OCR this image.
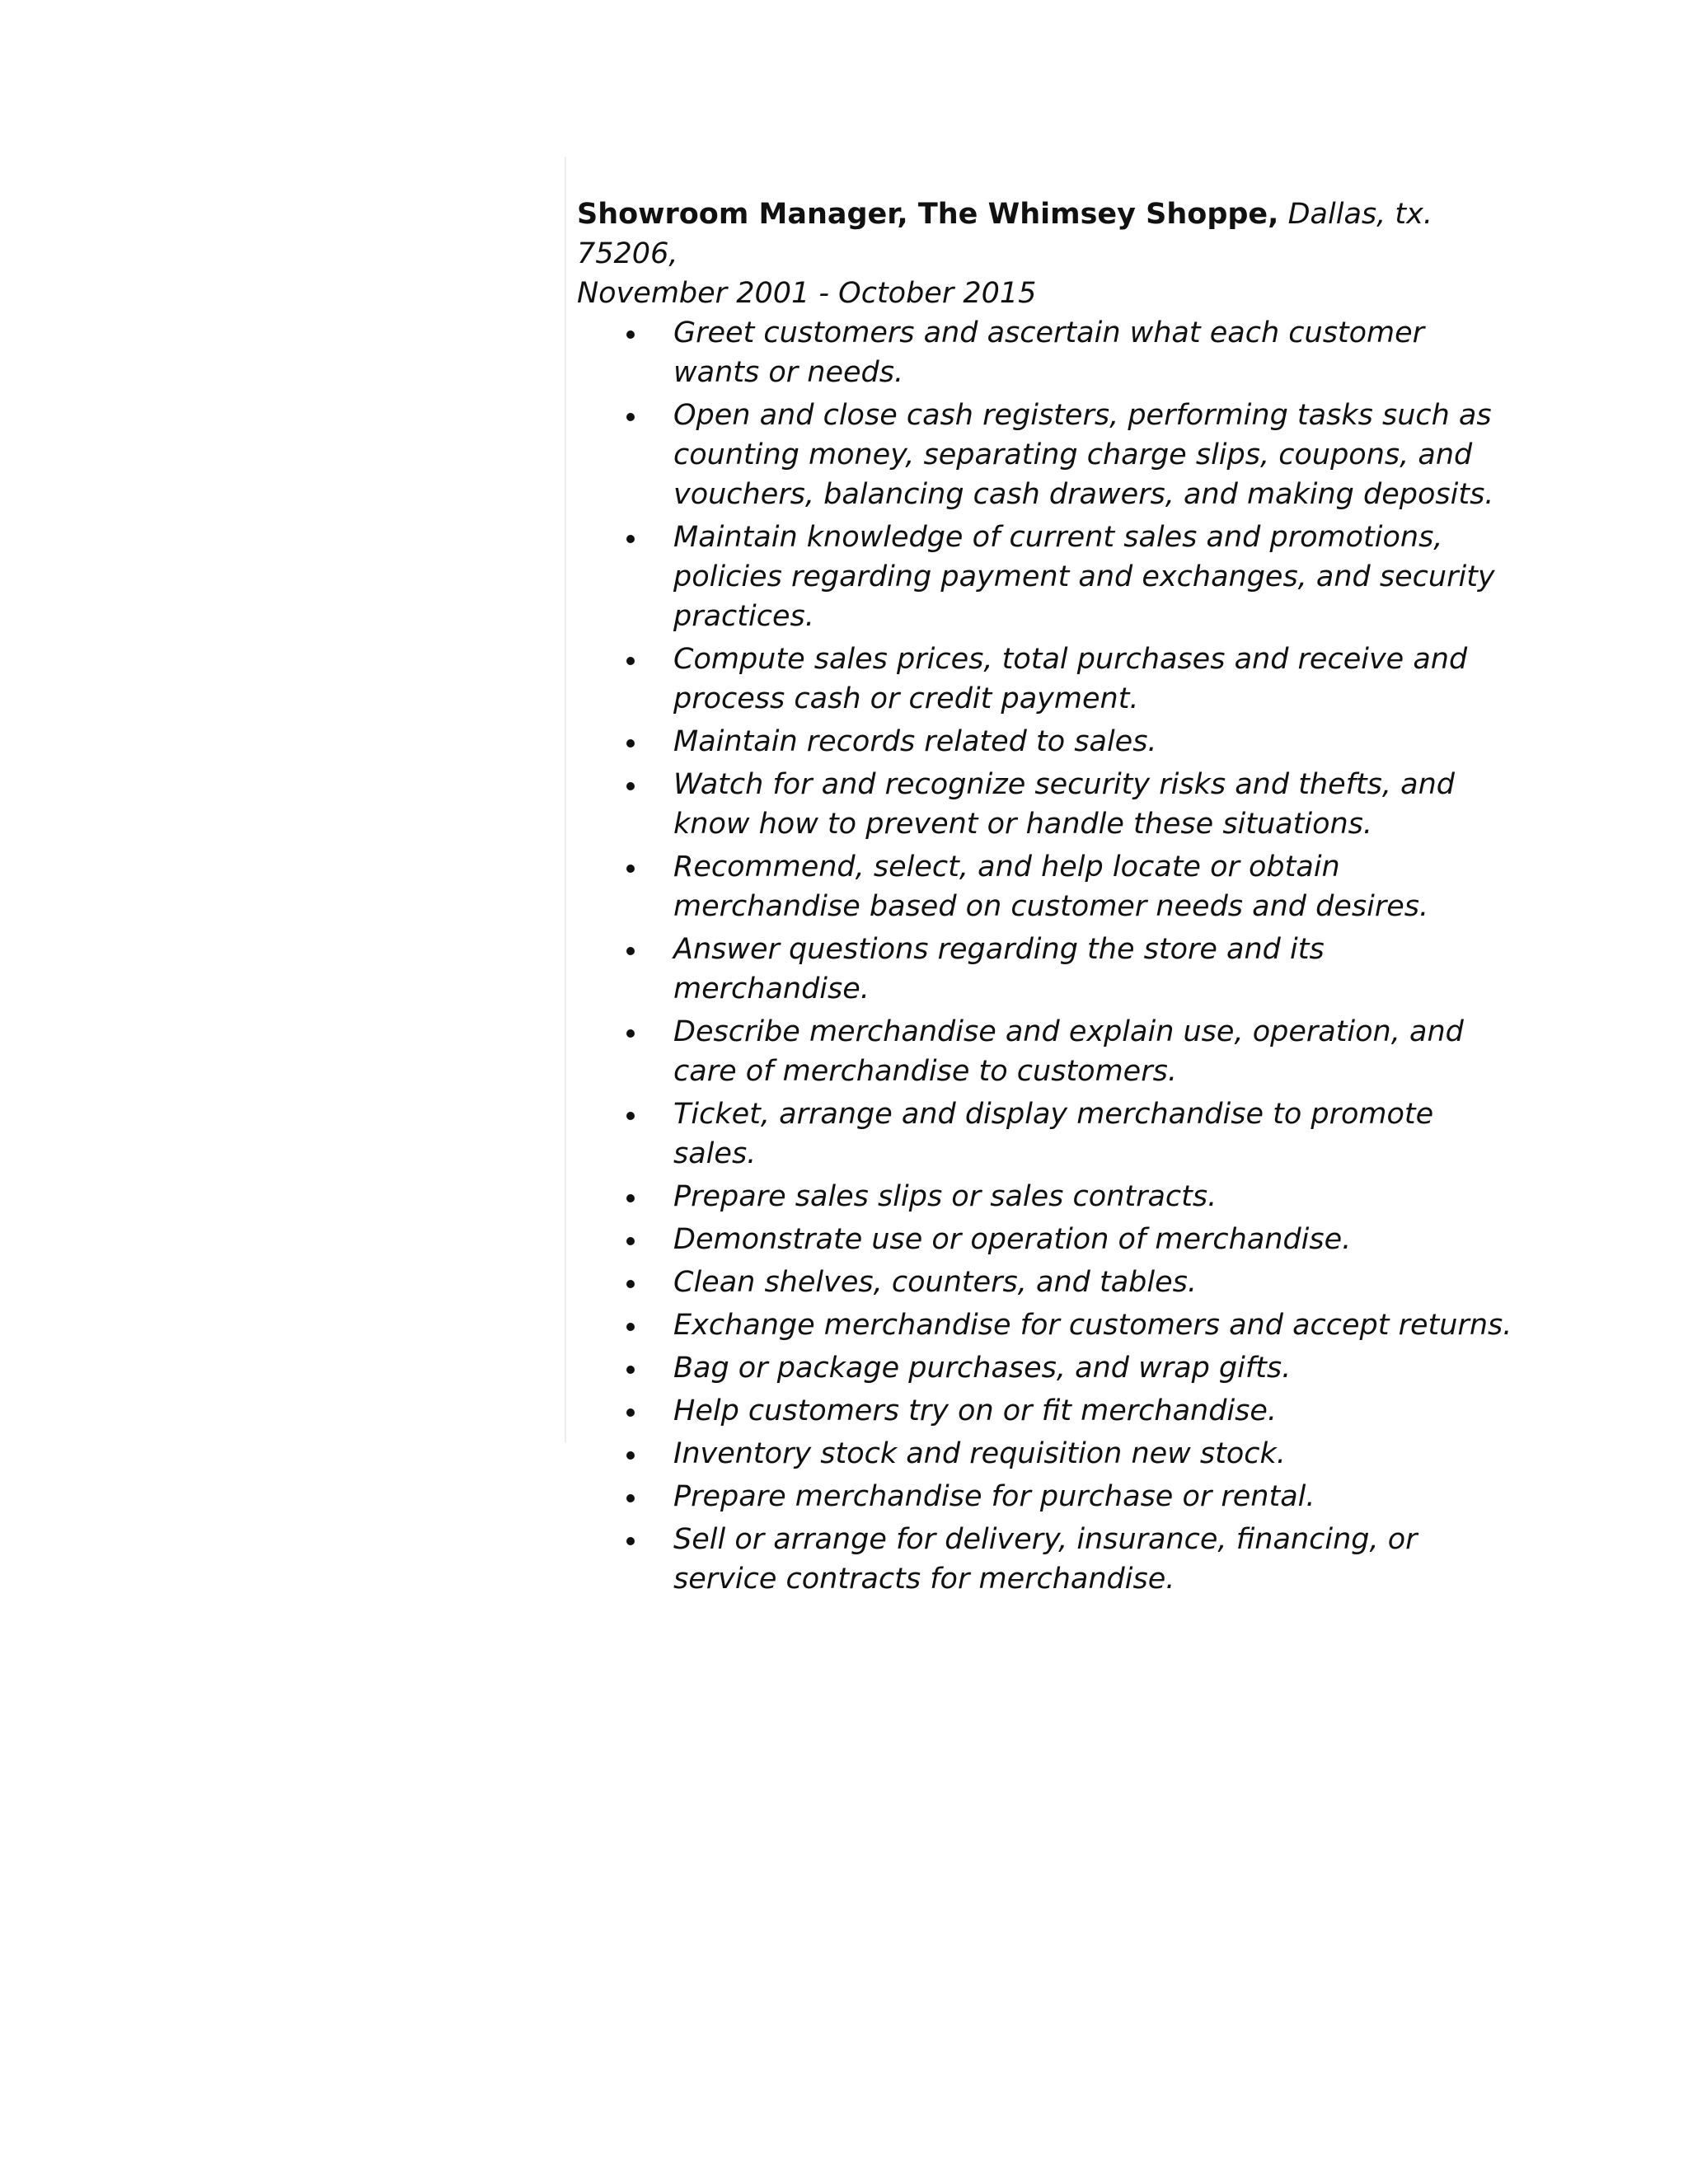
Showroom Manager, The Whimsey Shoppe, Dallas, tx. 75206,
November 2001 - October 2015

Greet customers and ascertain what each customer wants or needs.
Open and close cash registers, performing tasks such as counting money, separating charge slips, coupons, and vouchers, balancing cash drawers, and making deposits.
Maintain knowledge of current sales and promotions, policies regarding payment and exchanges, and security practices.
Compute sales prices, total purchases and receive and process cash or credit payment.
Maintain records related to sales.
Watch for and recognize security risks and thefts, and know how to prevent or handle these situations.
Recommend, select, and help locate or obtain merchandise based on customer needs and desires.
Answer questions regarding the store and its merchandise.
Describe merchandise and explain use, operation, and care of merchandise to customers.
Ticket, arrange and display merchandise to promote sales.
Prepare sales slips or sales contracts.
Demonstrate use or operation of merchandise.
Clean shelves, counters, and tables.
Exchange merchandise for customers and accept returns.
Bag or package purchases, and wrap gifts.
Help customers try on or fit merchandise.
Inventory stock and requisition new stock.
Prepare merchandise for purchase or rental.
Sell or arrange for delivery, insurance, financing, or service contracts for merchandise.
